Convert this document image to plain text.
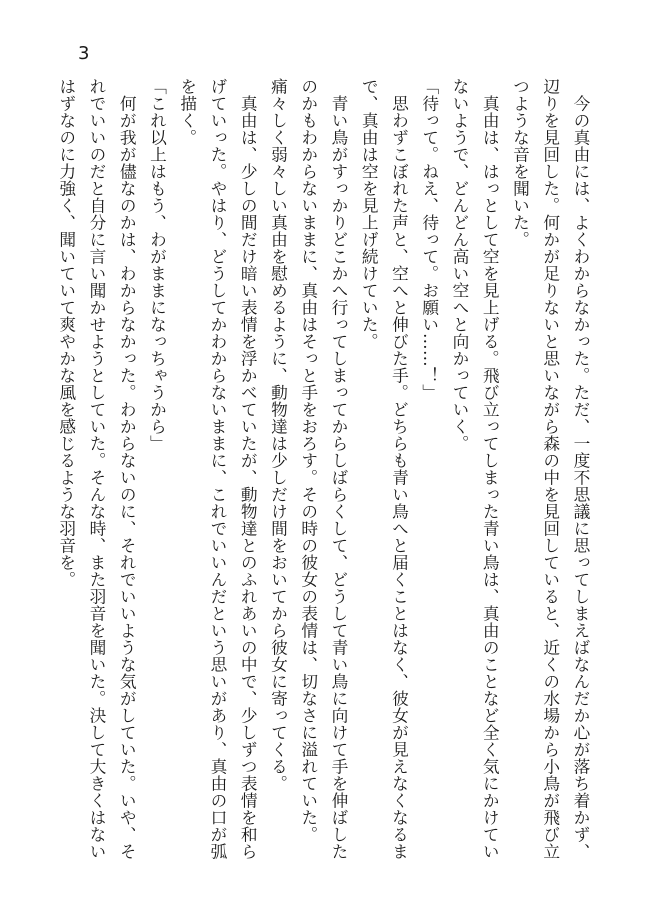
3

　今の真由には、よくわからなかった。ただ、一度不思議に思ってしまえばなんだか心が落ち着かず、辺りを見回した。何かが足りないと思いながら森の中を見回していると、近くの水場から小鳥が飛び立つような音を聞いた。

　真由は、はっとして空を見上げる。飛び立ってしまった青い鳥は、真由のことなど全く気にかけていないようで、どんどん高い空へと向かっていく。

「待って。ねえ、待って。お願い……！」

　思わずこぼれた声と、空へと伸びた手。どちらも青い鳥へと届くことはなく、彼女が見えなくなるまで、真由は空を見上げ続けていた。

　青い鳥がすっかりどこかへ行ってしまってからしばらくして、どうして青い鳥に向けて手を伸ばしたのかもわからないままに、真由はそっと手をおろす。その時の彼女の表情は、切なさに溢れていた。痛々しく弱々しい真由を慰めるように、動物達は少しだけ間をおいてから彼女に寄ってくる。

　真由は、少しの間だけ暗い表情を浮かべていたが、動物達とのふれあいの中で、少しずつ表情を和らげていった。やはり、どうしてかわからないままに、これでいいんだという思いがあり、真由の口が弧を描く。

「これ以上はもう、わがままになっちゃうから」

　何が我が儘なのかは、わからなかった。わからないのに、それでいいような気がしていた。いや、それでいいのだと自分に言い聞かせようとしていた。そんな時、また羽音を聞いた。決して大きくはないはずなのに力強く、聞いていて爽やかな風を感じるような羽音を。
